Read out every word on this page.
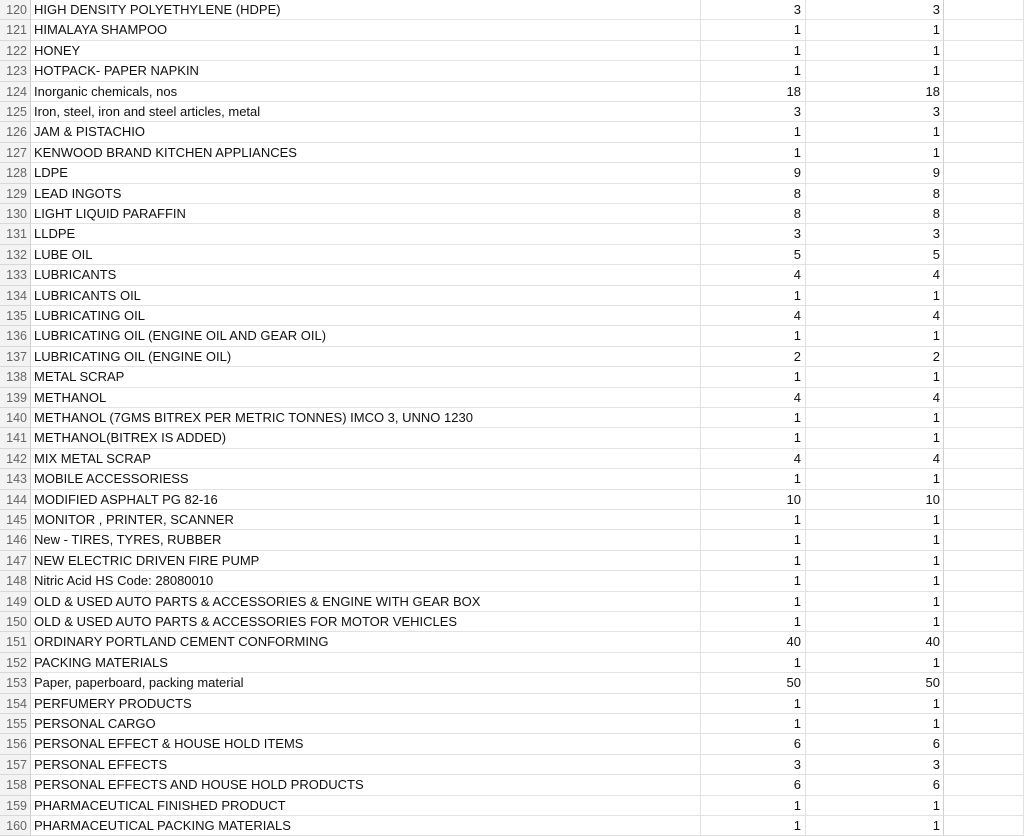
120 HIGH DENSITY POLYETHYLENE (HDPE)	3	3
121 HIMALAYA SHAMPOO	1	1
122 HONEY	1	1
123 HOTPACK- PAPER NAPKIN	1	1
124 Inorganic chemicals, nos	18	18
125 Iron, steel, iron and steel articles, metal	3	3
126 JAM & PISTACHIO	1	1
127 KENWOOD BRAND KITCHEN APPLIANCES	1	1
128 LDPE	9	9
129 LEAD INGOTS	8	8
130 LIGHT LIQUID PARAFFIN	8	8
131 LLDPE	3	3
132 LUBE OIL	5	5
133 LUBRICANTS	4	4
134 LUBRICANTS OIL	1	1
135 LUBRICATING OIL	4	4
136 LUBRICATING OIL (ENGINE OIL AND GEAR OIL)	1	1
137 LUBRICATING OIL (ENGINE OIL)	2	2
138 METAL SCRAP	1	1
139 METHANOL	4	4
140 METHANOL (7GMS BITREX PER METRIC TONNES) IMCO 3, UNNO 1230	1	1
141 METHANOL(BITREX IS ADDED)	1	1
142 MIX METAL SCRAP	4	4
143 MOBILE ACCESSORIESS	1	1
144 MODIFIED ASPHALT PG 82-16	10	10
145 MONITOR , PRINTER, SCANNER	1	1
146 New - TIRES, TYRES, RUBBER	1	1
147 NEW ELECTRIC DRIVEN FIRE PUMP	1	1
148 Nitric Acid HS Code: 28080010	1	1
149 OLD & USED AUTO PARTS & ACCESSORIES & ENGINE WITH GEAR BOX	1	1
150 OLD & USED AUTO PARTS & ACCESSORIES FOR MOTOR VEHICLES	1	1
151 ORDINARY PORTLAND CEMENT CONFORMING	40	40
152 PACKING MATERIALS	1	1
153 Paper, paperboard, packing material	50	50
154 PERFUMERY PRODUCTS	1	1
155 PERSONAL CARGO	1	1
156 PERSONAL EFFECT & HOUSE HOLD ITEMS	6	6
157 PERSONAL EFFECTS	3	3
158 PERSONAL EFFECTS AND HOUSE HOLD PRODUCTS	6	6
159 PHARMACEUTICAL FINISHED PRODUCT	1	1
160 PHARMACEUTICAL PACKING MATERIALS	1	1
